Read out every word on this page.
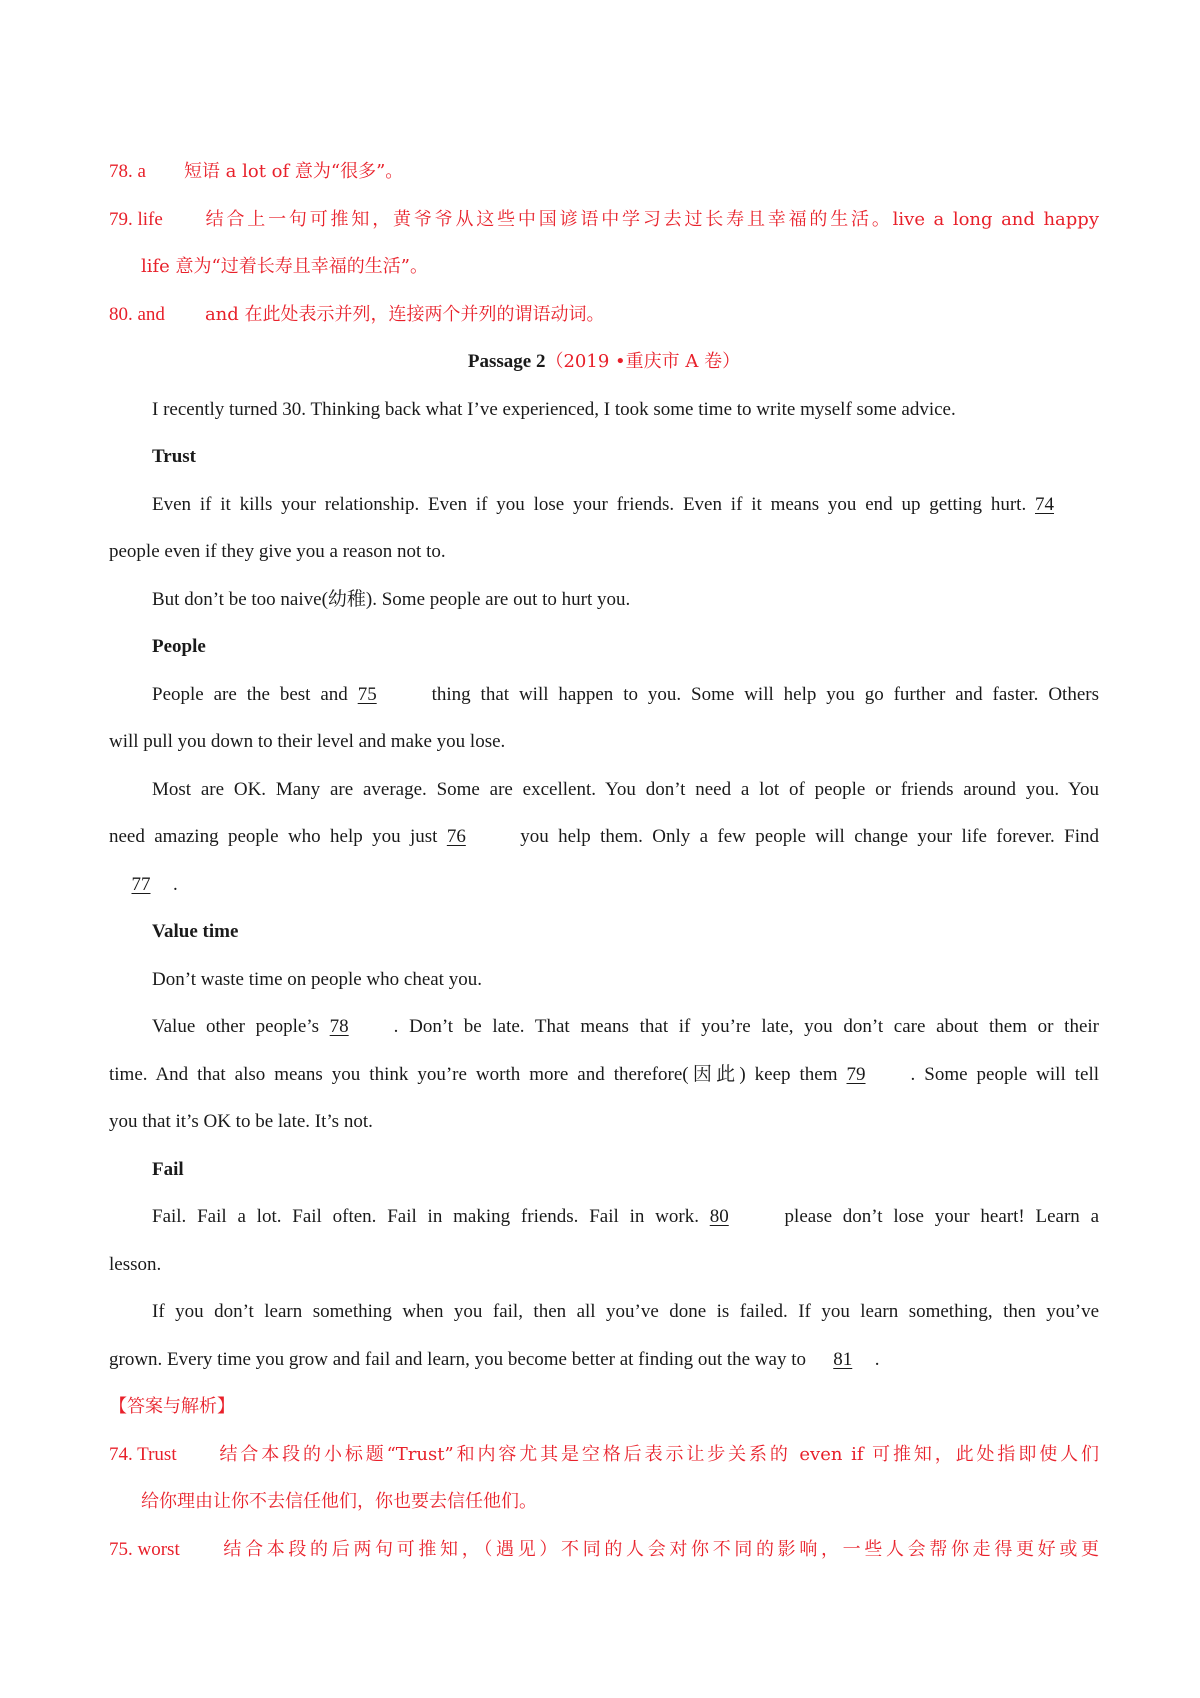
78. a 短语 a lot of 意为“很多”。
79. life 结合上一句可推知，黄爷爷从这些中国谚语中学习去过长寿且幸福的生活。live a long and happy
life 意为“过着长寿且幸福的生活”。
80. and and 在此处表示并列，连接两个并列的谓语动词。
Passage 2（2019 •重庆市 A 卷）
I recently turned 30. Thinking back what I’ve experienced, I took some time to write myself some advice.
Trust
Even if it kills your relationship. Even if you lose your friends. Even if it means you end up getting hurt. 74
people even if they give you a reason not to.
But don’t be too naive(幼稚). Some people are out to hurt you.
People
People are the best and 75	thing that will happen to you. Some will help you go further and faster. Others
will pull you down to their level and make you lose.
Most are OK. Many are average. Some are excellent. You don’t need a lot of people or friends around you. You
need amazing people who help you just 76	you help them. Only a few people will change your life forever. Find
77 .
Value time
Don’t waste time on people who cheat you.
Value other people’s 78 . Don’t be late. That means that if you’re late, you don’t care about them or their
time. And that also means you think you’re worth more and therefore(因此) keep them 79 . Some people will tell
you that it’s OK to be late. It’s not.
Fail
Fail. Fail a lot. Fail often. Fail in making friends. Fail in work. 80	please don’t lose your heart! Learn a
lesson.
If you don’t learn something when you fail, then all you’ve done is failed. If you learn something, then you’ve
grown. Every time you grow and fail and learn, you become better at finding out the way to 81 .
【答案与解析】
74. Trust 结合本段的小标题“Trust”和内容尤其是空格后表示让步关系的 even if 可推知，此处指即使人们
给你理由让你不去信任他们，你也要去信任他们。
75. worst 结合本段的后两句可推知，（遇见）不同的人会对你不同的影响，一些人会帮你走得更好或更
